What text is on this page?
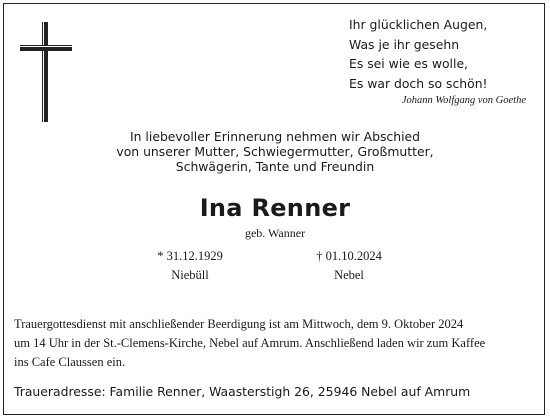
Ihr glücklichen Augen,
Was je ihr gesehn
Es sei wie es wolle,
Es war doch so schön!
Johann Wolfgang von Goethe
In liebevoller Erinnerung nehmen wir Abschied
von unserer Mutter, Schwiegermutter, Großmutter,
Schwägerin, Tante und Freundin
Ina Renner
geb. Wanner
* 31.12.1929
Niebüll
† 01.10.2024
Nebel
Trauergottesdienst mit anschließender Beerdigung ist am Mittwoch, dem 9. Oktober 2024
um 14 Uhr in der St.-Clemens-Kirche, Nebel auf Amrum. Anschließend laden wir zum Kaffee
ins Cafe Claussen ein.
Traueradresse: Familie Renner, Waasterstigh 26, 25946 Nebel auf Amrum
